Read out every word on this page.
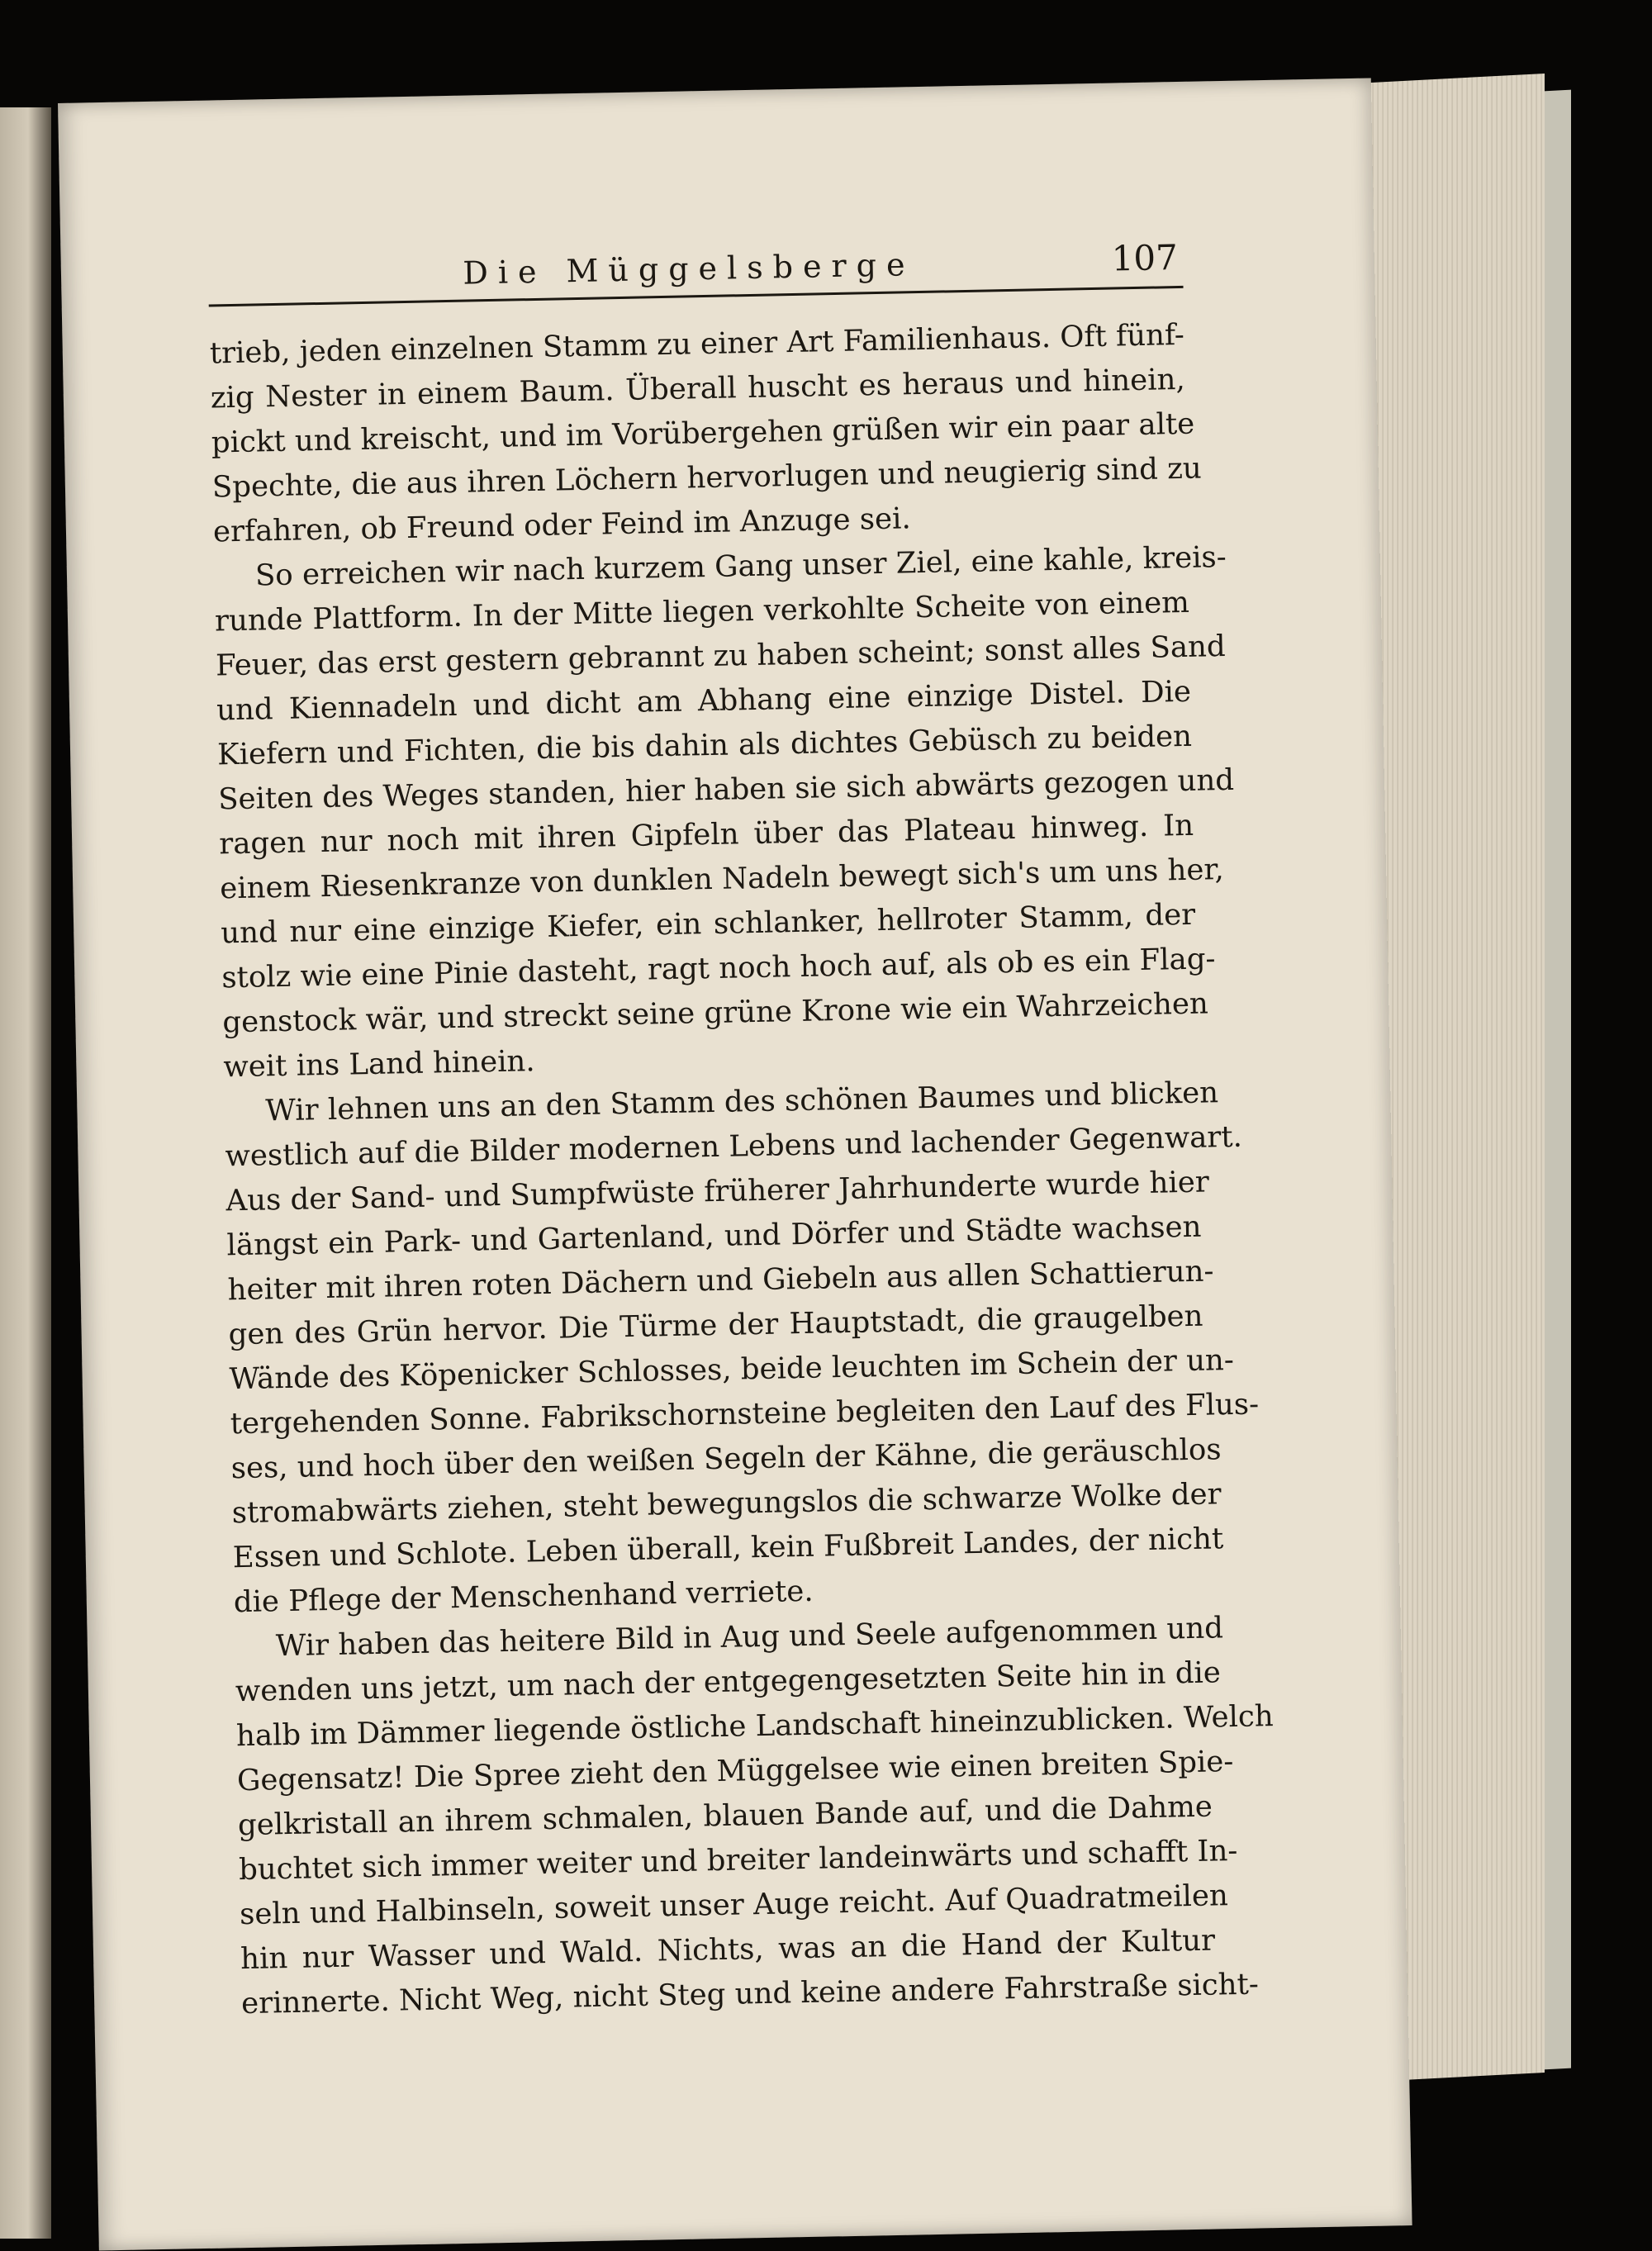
Die Müggelsberge	107
trieb, jeden einzelnen Stamm zu einer Art Familienhaus. Oft fünf-
zig Nester in einem Baum. Überall huscht es heraus und hinein,
pickt und kreischt, und im Vorübergehen grüßen wir ein paar alte
Spechte, die aus ihren Löchern hervorlugen und neugierig sind zu
erfahren, ob Freund oder Feind im Anzuge sei.
So erreichen wir nach kurzem Gang unser Ziel, eine kahle, kreis-
runde Plattform. In der Mitte liegen verkohlte Scheite von einem
Feuer, das erst gestern gebrannt zu haben scheint; sonst alles Sand
und Kiennadeln und dicht am Abhang eine einzige Distel. Die
Kiefern und Fichten, die bis dahin als dichtes Gebüsch zu beiden
Seiten des Weges standen, hier haben sie sich abwärts gezogen und
ragen nur noch mit ihren Gipfeln über das Plateau hinweg. In
einem Riesenkranze von dunklen Nadeln bewegt sich's um uns her,
und nur eine einzige Kiefer, ein schlanker, hellroter Stamm, der
stolz wie eine Pinie dasteht, ragt noch hoch auf, als ob es ein Flag-
genstock wär, und streckt seine grüne Krone wie ein Wahrzeichen
weit ins Land hinein.
Wir lehnen uns an den Stamm des schönen Baumes und blicken
westlich auf die Bilder modernen Lebens und lachender Gegenwart.
Aus der Sand- und Sumpfwüste früherer Jahrhunderte wurde hier
längst ein Park- und Gartenland, und Dörfer und Städte wachsen
heiter mit ihren roten Dächern und Giebeln aus allen Schattierun-
gen des Grün hervor. Die Türme der Hauptstadt, die graugelben
Wände des Köpenicker Schlosses, beide leuchten im Schein der un-
tergehenden Sonne. Fabrikschornsteine begleiten den Lauf des Flus-
ses, und hoch über den weißen Segeln der Kähne, die geräuschlos
stromabwärts ziehen, steht bewegungslos die schwarze Wolke der
Essen und Schlote. Leben überall, kein Fußbreit Landes, der nicht
die Pflege der Menschenhand verriete.
Wir haben das heitere Bild in Aug und Seele aufgenommen und
wenden uns jetzt, um nach der entgegengesetzten Seite hin in die
halb im Dämmer liegende östliche Landschaft hineinzublicken. Welch
Gegensatz! Die Spree zieht den Müggelsee wie einen breiten Spie-
gelkristall an ihrem schmalen, blauen Bande auf, und die Dahme
buchtet sich immer weiter und breiter landeinwärts und schafft In-
seln und Halbinseln, soweit unser Auge reicht. Auf Quadratmeilen
hin nur Wasser und Wald. Nichts, was an die Hand der Kultur
erinnerte. Nicht Weg, nicht Steg und keine andere Fahrstraße sicht-
